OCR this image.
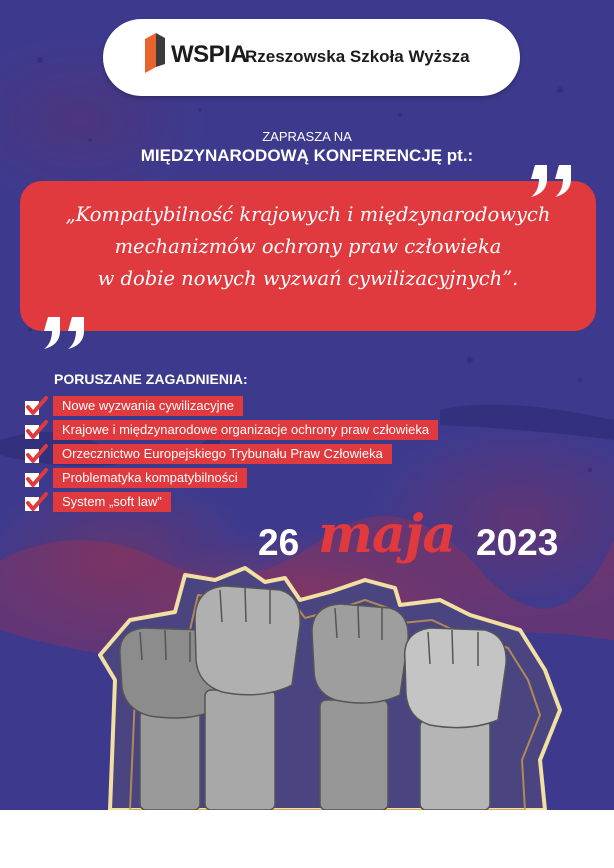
WSPIA
Rzeszowska Szkoła Wyższa
ZAPRASZA NA
MIĘDZYNARODOWĄ KONFERENCJĘ pt.:
„Kompatybilność krajowych i międzynarodowych
mechanizmów ochrony praw człowieka
w dobie nowych wyzwań cywilizacyjnych”.
PORUSZANE ZAGADNIENIA:
Nowe wyzwania cywilizacyjne
Krajowe i międzynarodowe organizacje ochrony praw człowieka
Orzecznictwo Europejskiego Trybunału Praw Człowieka
Problematyka kompatybilności
System „soft law”
26 maja 2023
